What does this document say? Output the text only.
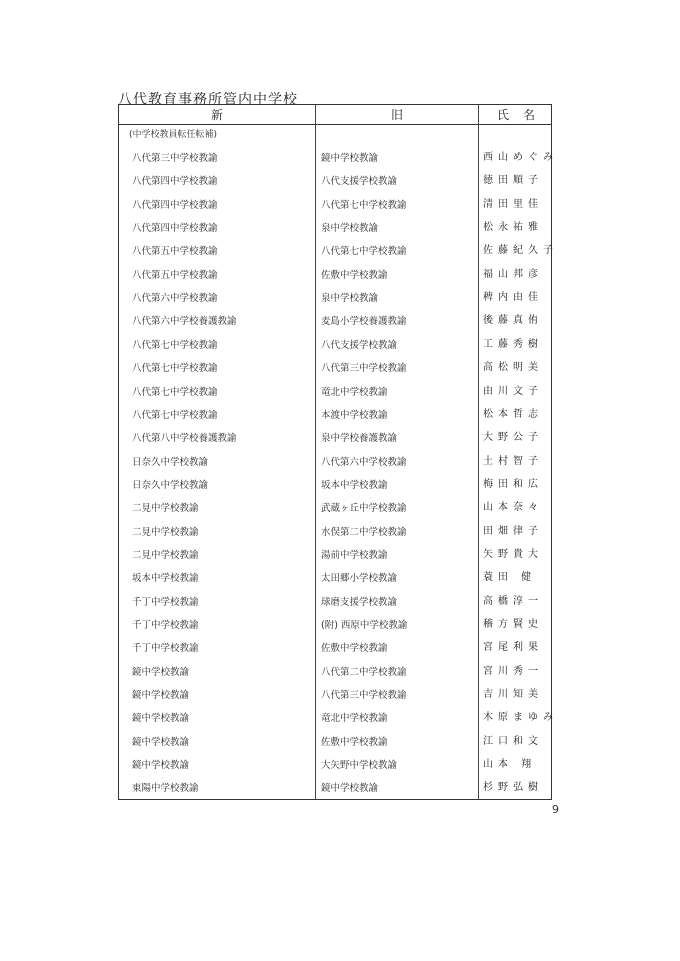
八代教育事務所管内中学校
新	旧	氏名
(中学校教員転任転補)
八代第三中学校教諭	鏡中学校教諭	西山めぐみ
八代第四中学校教諭	八代支援学校教諭	徳田順子
八代第四中学校教諭	八代第七中学校教諭	清田里佳
八代第四中学校教諭	泉中学校教諭	松永祐雅
八代第五中学校教諭	八代第七中学校教諭	佐藤紀久子
八代第五中学校教諭	佐敷中学校教諭	福山邦彦
八代第六中学校教諭	泉中学校教諭	稗内由佳
八代第六中学校養護教諭	麦島小学校養護教諭	後藤真侑
八代第七中学校教諭	八代支援学校教諭	工藤秀樹
八代第七中学校教諭	八代第三中学校教諭	高松明美
八代第七中学校教諭	竜北中学校教諭	由川文子
八代第七中学校教諭	本渡中学校教諭	松本哲志
八代第八中学校養護教諭	泉中学校養護教諭	大野公子
日奈久中学校教諭	八代第六中学校教諭	土村智子
日奈久中学校教諭	坂本中学校教諭	梅田和広
二見中学校教諭	武蔵ヶ丘中学校教諭	山本奈々
二見中学校教諭	水俣第二中学校教諭	田畑律子
二見中学校教諭	湯前中学校教諭	矢野貴大
坂本中学校教諭	太田郷小学校教諭	蓑田 健
千丁中学校教諭	球磨支援学校教諭	高橋淳一
千丁中学校教諭	(附) 西原中学校教諭	稽方賢史
千丁中学校教諭	佐敷中学校教諭	宮尾利果
鏡中学校教諭	八代第二中学校教諭	宮川秀一
鏡中学校教諭	八代第三中学校教諭	吉川知美
鏡中学校教諭	竜北中学校教諭	木原まゆみ
鏡中学校教諭	佐敷中学校教諭	江口和文
鏡中学校教諭	大矢野中学校教諭	山本 翔
東陽中学校教諭	鏡中学校教諭	杉野弘樹
9
